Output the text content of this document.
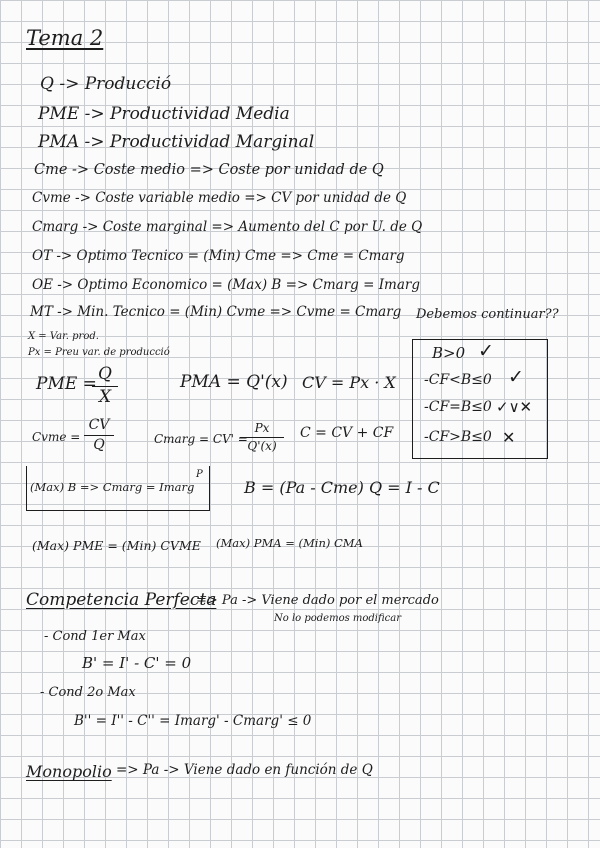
Tema 2
Q -> Producció
PME -> Productividad Media
PMA -> Productividad Marginal
Cme -> Coste medio => Coste por unidad de Q
Cvme -> Coste variable medio => CV por unidad de Q
Cmarg -> Coste marginal => Aumento del C por U. de Q
OT -> Optimo Tecnico = (Min) Cme => Cme = Cmarg
OE -> Optimo Economico = (Max) B => Cmarg = Imarg
MT -> Min. Tecnico = (Min) Cvme => Cvme = Cmarg
X = Var. prod.
Px = Preu var. de producció
Debemos continuar??
B>0 ✓
-CF<B≤0 ✓
-CF=B≤0 ✓∨✕
-CF>B≤0 ✕
PME = Q
X
PMA = Q'(x) CV = Px · X
Cvme =
CV
Q	Cmarg = CV' =
Px
Q'(x)
C = CV + CF
(Max) B => Cmarg = Imarg
P
B = (Pa - Cme) Q = I - C
(Max) PME = (Min) CVME (Max) PMA = (Min) CMA
Competencia Perfecta
=> Pa -> Viene dado por el mercado
No lo podemos modificar
- Cond 1er Max
B' = I' - C' = 0
- Cond 2o Max
B'' = I'' - C'' = Imarg' - Cmarg' ≤ 0
Monopolio => Pa -> Viene dado en función de Q
